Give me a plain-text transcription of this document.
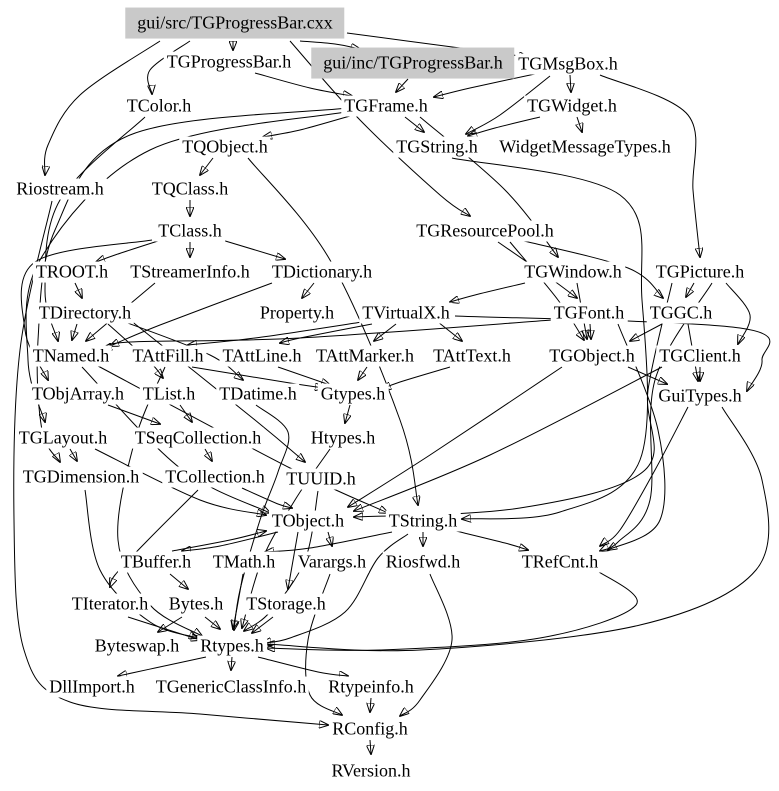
gui/src/TGProgressBar.cxx
TGProgressBar.h	gui/inc/TGProgressBar.h TGMsgBox.h
TColor.h	TGFrame.h	TGWidget.h
TQObject.h	TGString.h WidgetMessageTypes.h
Riostream.h	TQClass.h
TClass.h	TGResourcePool.h
TROOT.h TStreamerInfo.h TDictionary.h	TGWindow.h TGPicture.h
TDirectory.h	Property.h TVirtualX.h	TGFont.h TGGC.h
TNamed.h TAttFill.h TAttLine.h TAttMarker.h TAttText.h TGObject.h TGClient.h
TObjArray.h TList.h TDatime.h Gtypes.h	GuiTypes.h
TGLayout.h TSeqCollection.h	Htypes.h
TGDimension.h TCollection.h TUUID.h
TObject.h TString.h
TBuffer.h TMath.h Varargs.h Riosfwd.h	TRefCnt.h
TIterator.h Bytes.h TStorage.h
Byteswap.h Rtypes.h
DllImport.h TGenericClassInfo.h Rtypeinfo.h
RConfig.h
RVersion.h
